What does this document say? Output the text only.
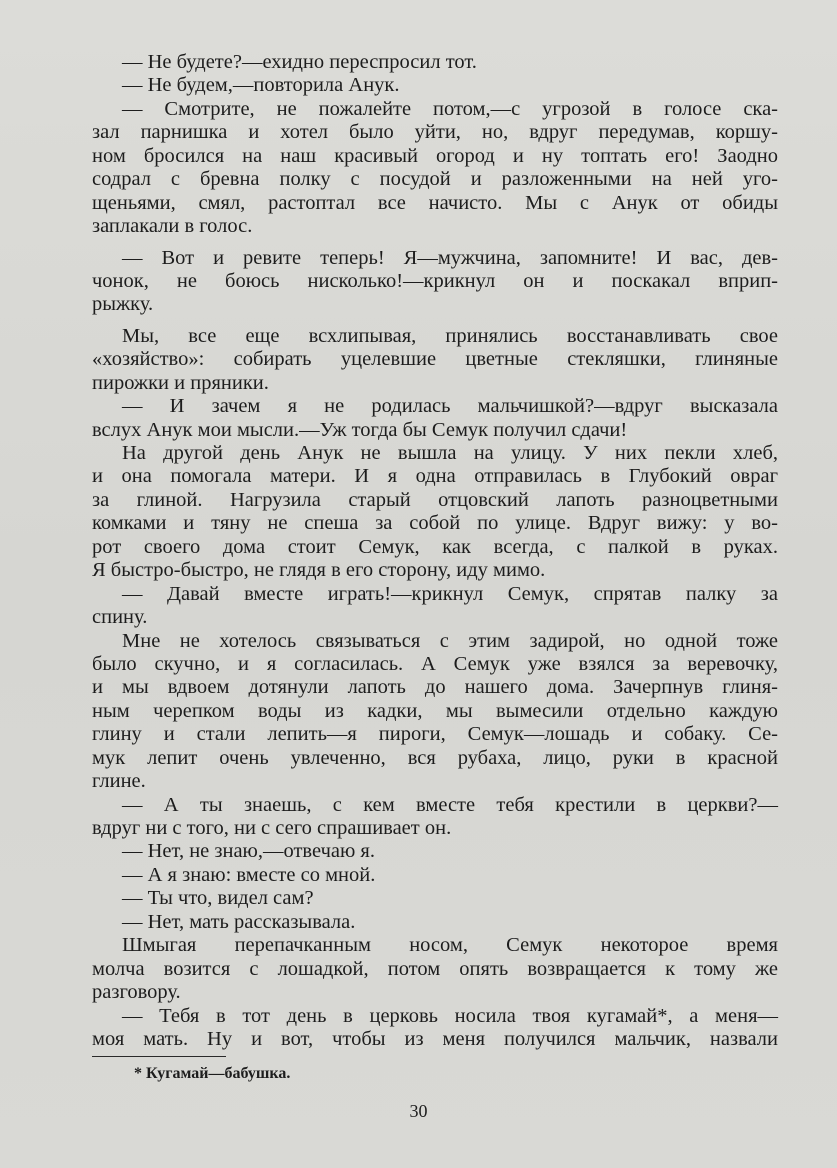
— Не будете?—ехидно переспросил тот.
— Не будем,—повторила Анук.
— Смотрите, не пожалейте потом,—с угрозой в голосе ска-
зал парнишка и хотел было уйти, но, вдруг передумав, коршу-
ном бросился на наш красивый огород и ну топтать его! Заодно
содрал с бревна полку с посудой и разложенными на ней уго-
щеньями, смял, растоптал все начисто. Мы с Анук от обиды
заплакали в голос.
— Вот и ревите теперь! Я—мужчина, запомните! И вас, дев-
чонок, не боюсь нисколько!—крикнул он и поскакал вприп-
рыжку.
Мы, все еще всхлипывая, принялись восстанавливать свое
«хозяйство»: собирать уцелевшие цветные стекляшки, глиняные
пирожки и пряники.
— И зачем я не родилась мальчишкой?—вдруг высказала
вслух Анук мои мысли.—Уж тогда бы Семук получил сдачи!
На другой день Анук не вышла на улицу. У них пекли хлеб,
и она помогала матери. И я одна отправилась в Глубокий овраг
за глиной. Нагрузила старый отцовский лапоть разноцветными
комками и тяну не спеша за собой по улице. Вдруг вижу: у во-
рот своего дома стоит Семук, как всегда, с палкой в руках.
Я быстро-быстро, не глядя в его сторону, иду мимо.
— Давай вместе играть!—крикнул Семук, спрятав палку за
спину.
Мне не хотелось связываться с этим задирой, но одной тоже
было скучно, и я согласилась. А Семук уже взялся за веревочку,
и мы вдвоем дотянули лапоть до нашего дома. Зачерпнув глиня-
ным черепком воды из кадки, мы вымесили отдельно каждую
глину и стали лепить—я пироги, Семук—лошадь и собаку. Се-
мук лепит очень увлеченно, вся рубаха, лицо, руки в красной
глине.
— А ты знаешь, с кем вместе тебя крестили в церкви?—
вдруг ни с того, ни с сего спрашивает он.
— Нет, не знаю,—отвечаю я.
— А я знаю: вместе со мной.
— Ты что, видел сам?
— Нет, мать рассказывала.
Шмыгая перепачканным носом, Семук некоторое время
молча возится с лошадкой, потом опять возвращается к тому же
разговору.
— Тебя в тот день в церковь носила твоя кугамай*, а меня—
моя мать. Ну и вот, чтобы из меня получился мальчик, назвали
* Кугамай—бабушка.
30
